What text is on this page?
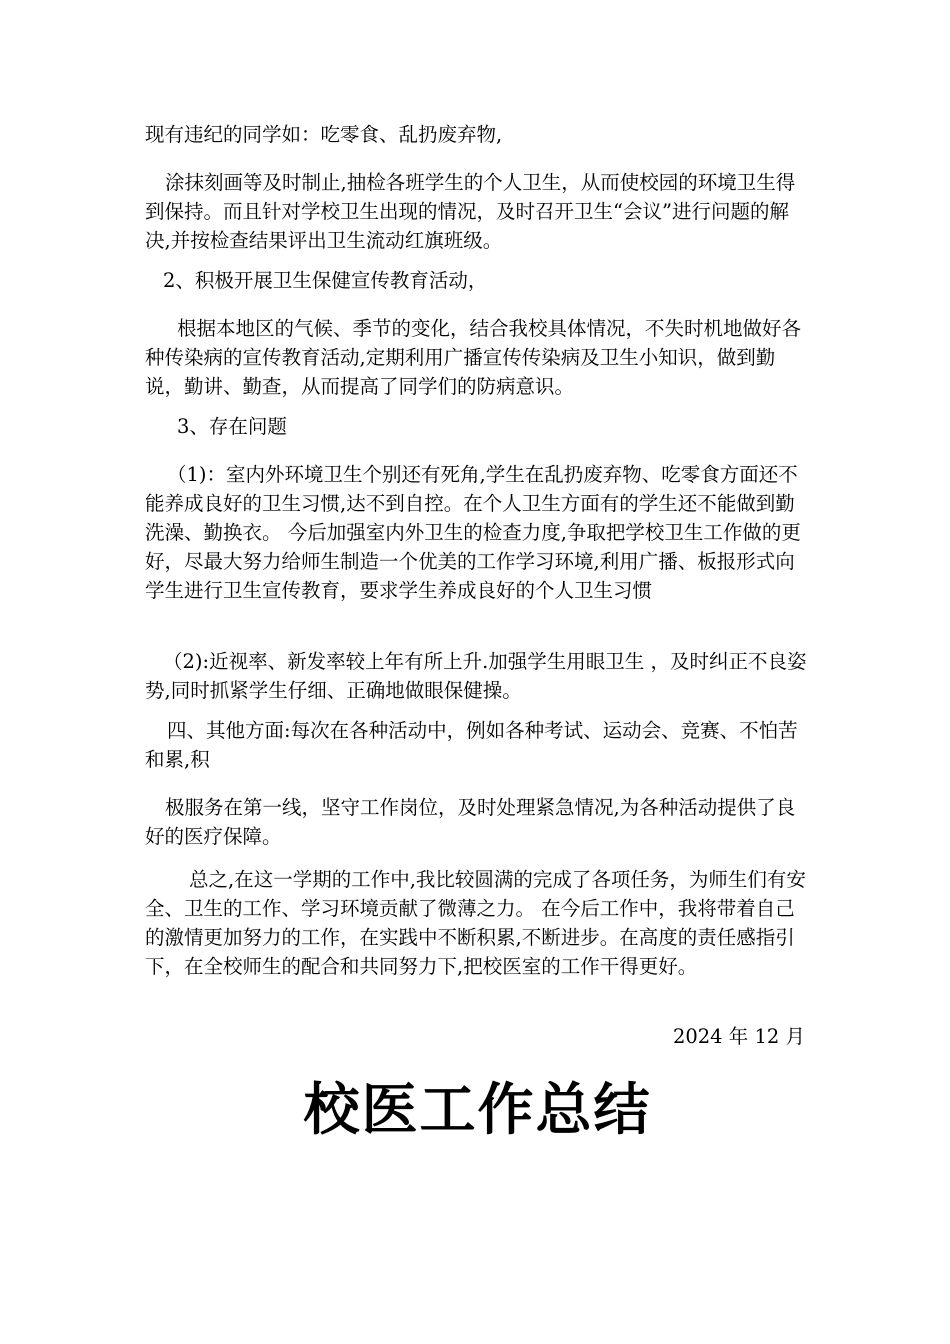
现有违纪的同学如：吃零食、乱扔废弃物,

涂抹刻画等及时制止,抽检各班学生的个人卫生，从而使校园的环境卫生得到保持。而且针对学校卫生出现的情况，及时召开卫生“会议”进行问题的解决,并按检查结果评出卫生流动红旗班级。

2、积极开展卫生保健宣传教育活动，

根据本地区的气候、季节的变化，结合我校具体情况，不失时机地做好各种传染病的宣传教育活动,定期利用广播宣传传染病及卫生小知识，做到勤说，勤讲、勤查，从而提高了同学们的防病意识。

3、存在问题

（1)：室内外环境卫生个别还有死角,学生在乱扔废弃物、吃零食方面还不能养成良好的卫生习惯,达不到自控。在个人卫生方面有的学生还不能做到勤洗澡、勤换衣。 今后加强室内外卫生的检查力度,争取把学校卫生工作做的更好，尽最大努力给师生制造一个优美的工作学习环境,利用广播、板报形式向学生进行卫生宣传教育，要求学生养成良好的个人卫生习惯

（2):近视率、新发率较上年有所上升.加强学生用眼卫生 ，及时纠正不良姿势,同时抓紧学生仔细、正确地做眼保健操。

四、其他方面:每次在各种活动中，例如各种考试、运动会、竞赛、不怕苦和累,积

极服务在第一线，坚守工作岗位，及时处理紧急情况,为各种活动提供了良好的医疗保障。

总之,在这一学期的工作中,我比较圆满的完成了各项任务，为师生们有安全、卫生的工作、学习环境贡献了微薄之力。 在今后工作中，我将带着自己的激情更加努力的工作，在实践中不断积累,不断进步。在高度的责任感指引下，在全校师生的配合和共同努力下,把校医室的工作干得更好。

2024 年 12 月
校医工作总结
